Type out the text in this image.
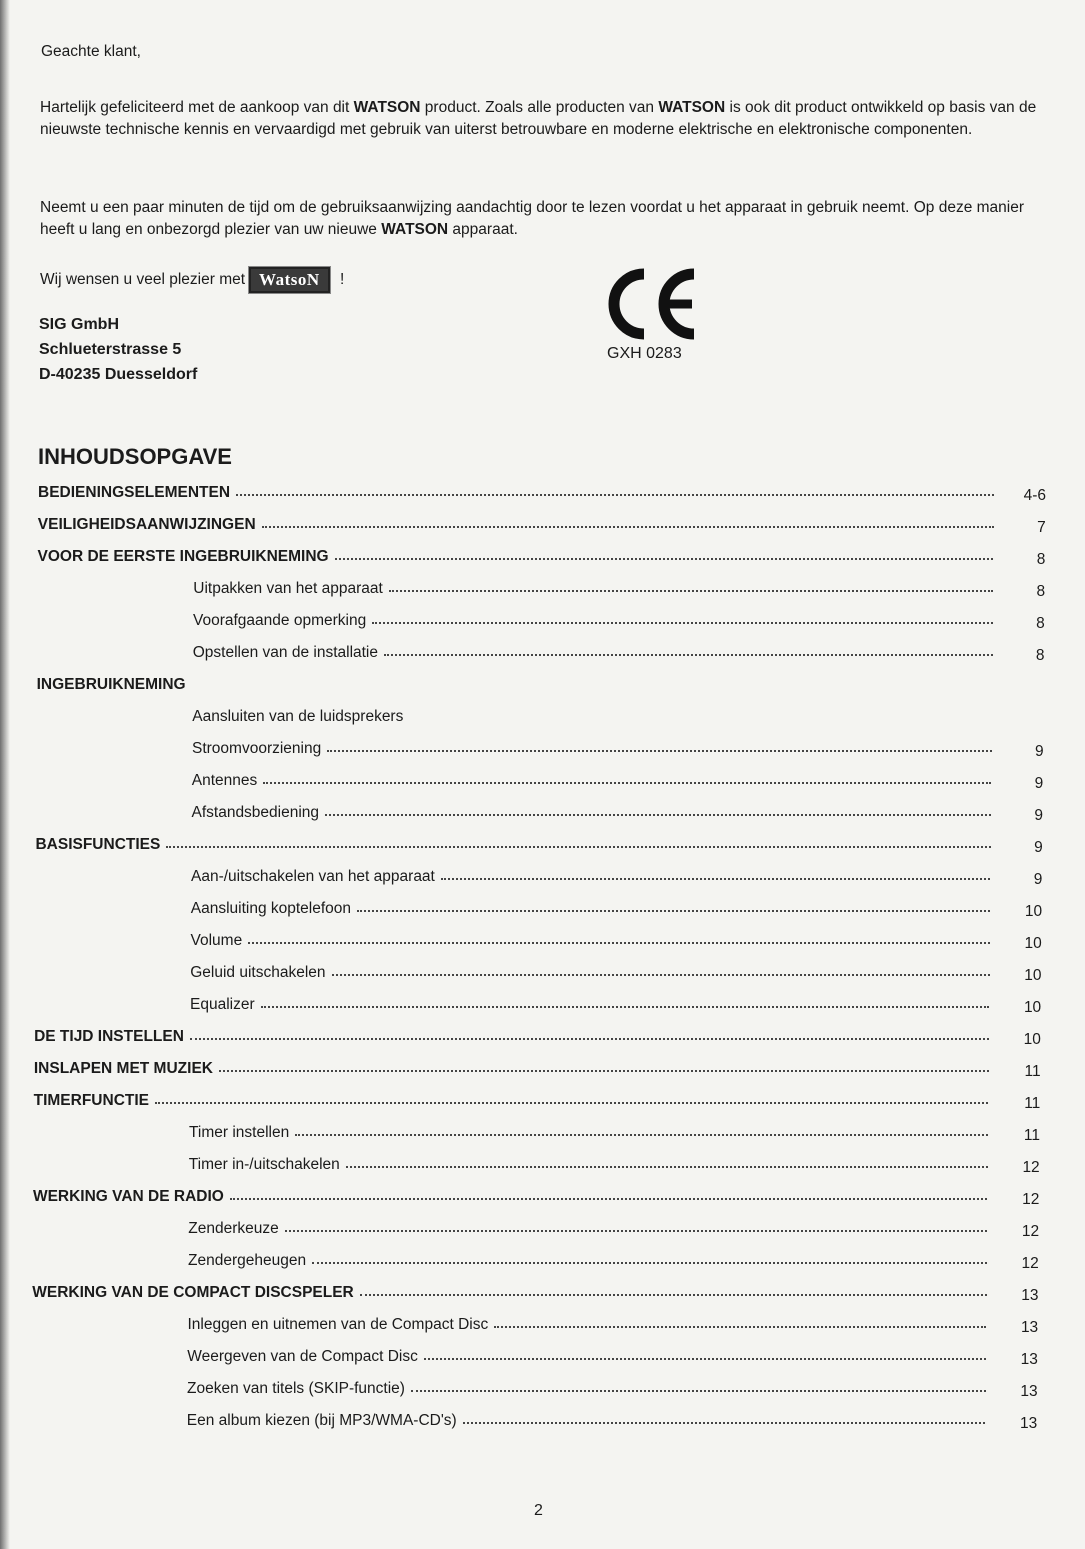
Geachte klant,

Hartelijk gefeliciteerd met de aankoop van dit WATSON product. Zoals alle producten van WATSON is ook dit product ontwikkeld op basis van de nieuwste technische kennis en vervaardigd met gebruik van uiterst betrouwbare en moderne elektrische en elektronische componenten.

Neemt u een paar minuten de tijd om de gebruiksaanwijzing aandachtig door te lezen voordat u het apparaat in gebruik neemt. Op deze manier heeft u lang en onbezorgd plezier van uw nieuwe WATSON apparaat.

Wij wensen u veel plezier met WatsoN !

SIG GmbH
Schlueterstrasse 5
D-40235 Duesseldorf
GXH 0283
INHOUDSOPGAVE
BEDIENINGSELEMENTEN	4-6
VEILIGHEIDSAANWIJZINGEN	7
VOOR DE EERSTE INGEBRUIKNEMING	8
Uitpakken van het apparaat	8
Voorafgaande opmerking	8
Opstellen van de installatie	8
INGEBRUIKNEMING
Aansluiten van de luidsprekers
Stroomvoorziening	9
Antennes	9
Afstandsbediening	9
BASISFUNCTIES	9
Aan-/uitschakelen van het apparaat	9
Aansluiting koptelefoon	10
Volume	10
Geluid uitschakelen	10
Equalizer	10
DE TIJD INSTELLEN	10
INSLAPEN MET MUZIEK	11
TIMERFUNCTIE	11
Timer instellen	11
Timer in-/uitschakelen	12
WERKING VAN DE RADIO	12
Zenderkeuze	12
Zendergeheugen	12
WERKING VAN DE COMPACT DISCSPELER	13
Inleggen en uitnemen van de Compact Disc	13
Weergeven van de Compact Disc	13
Zoeken van titels (SKIP-functie)	13
Een album kiezen (bij MP3/WMA-CD's)	13
2
